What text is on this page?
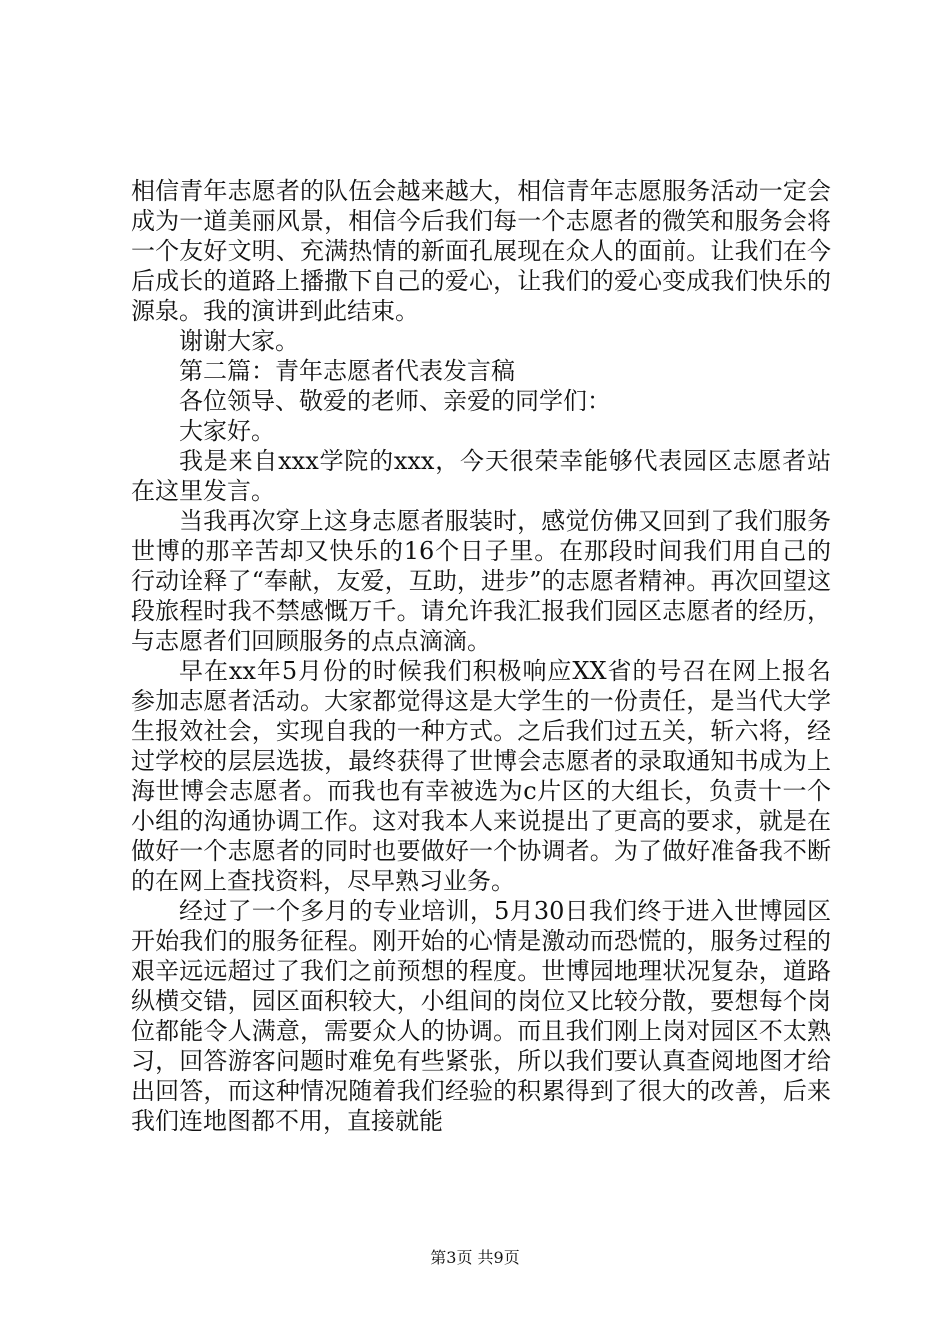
相信青年志愿者的队伍会越来越大，相信青年志愿服务活动一定会成为一道美丽风景，相信今后我们每一个志愿者的微笑和服务会将一个友好文明、充满热情的新面孔展现在众人的面前。让我们在今后成长的道路上播撒下自己的爱心，让我们的爱心变成我们快乐的源泉。我的演讲到此结束。

谢谢大家。

第二篇：青年志愿者代表发言稿

各位领导、敬爱的老师、亲爱的同学们：

大家好。

我是来自xxx学院的xxx，今天很荣幸能够代表园区志愿者站在这里发言。

当我再次穿上这身志愿者服装时，感觉仿佛又回到了我们服务世博的那辛苦却又快乐的16个日子里。在那段时间我们用自己的行动诠释了“奉献，友爱，互助，进步”的志愿者精神。再次回望这段旅程时我不禁感慨万千。请允许我汇报我们园区志愿者的经历，与志愿者们回顾服务的点点滴滴。

早在xx年5月份的时候我们积极响应XX省的号召在网上报名参加志愿者活动。大家都觉得这是大学生的一份责任，是当代大学生报效社会，实现自我的一种方式。之后我们过五关，斩六将，经过学校的层层选拔，最终获得了世博会志愿者的录取通知书成为上海世博会志愿者。而我也有幸被选为c片区的大组长，负责十一个小组的沟通协调工作。这对我本人来说提出了更高的要求，就是在做好一个志愿者的同时也要做好一个协调者。为了做好准备我不断的在网上查找资料，尽早熟习业务。

经过了一个多月的专业培训，5月30日我们终于进入世博园区开始我们的服务征程。刚开始的心情是激动而恐慌的，服务过程的艰辛远远超过了我们之前预想的程度。世博园地理状况复杂，道路纵横交错，园区面积较大，小组间的岗位又比较分散，要想每个岗位都能令人满意，需要众人的协调。而且我们刚上岗对园区不太熟习，回答游客问题时难免有些紧张，所以我们要认真查阅地图才给出回答，而这种情况随着我们经验的积累得到了很大的改善，后来我们连地图都不用，直接就能

第3页 共9页
